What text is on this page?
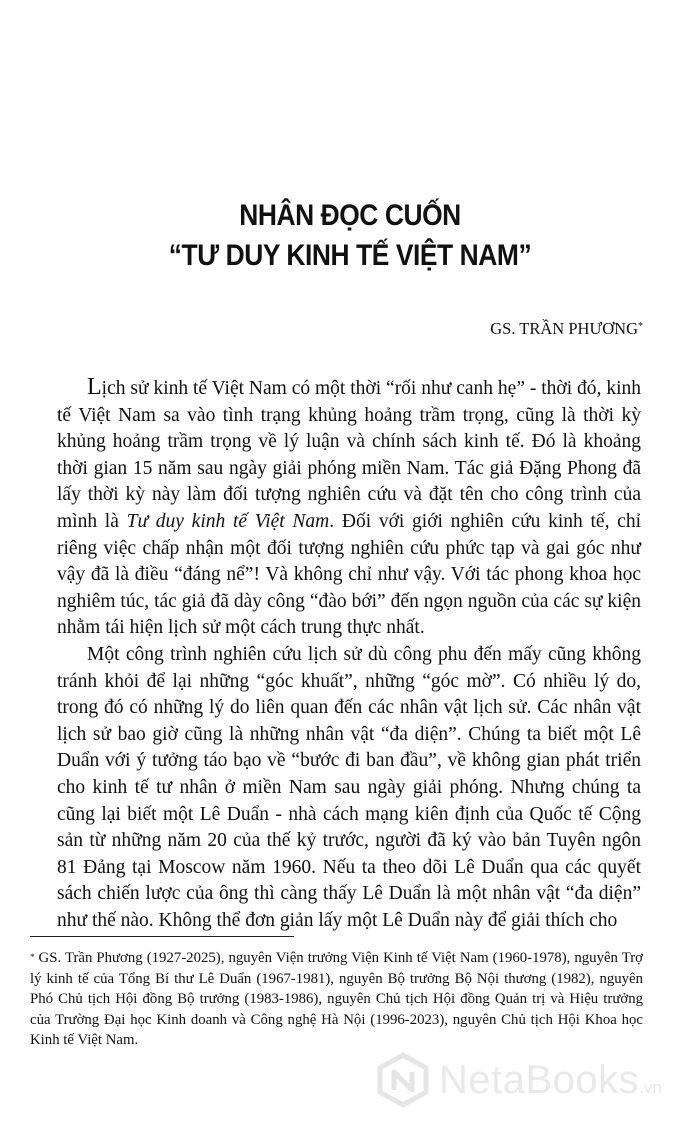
NHÂN ĐỌC CUỐN
“TƯ DUY KINH TẾ VIỆT NAM”
GS. TRẦN PHƯƠNG*

Lịch sử kinh tế Việt Nam có một thời “rối như canh hẹ” - thời đó, kinh tế Việt Nam sa vào tình trạng khủng hoảng trầm trọng, cũng là thời kỳ khủng hoảng trầm trọng về lý luận và chính sách kinh tế. Đó là khoảng thời gian 15 năm sau ngày giải phóng miền Nam. Tác giả Đặng Phong đã lấy thời kỳ này làm đối tượng nghiên cứu và đặt tên cho công trình của mình là Tư duy kinh tế Việt Nam. Đối với giới nghiên cứu kinh tế, chỉ riêng việc chấp nhận một đối tượng nghiên cứu phức tạp và gai góc như vậy đã là điều “đáng nể”! Và không chỉ như vậy. Với tác phong khoa học nghiêm túc, tác giả đã dày công “đào bới” đến ngọn nguồn của các sự kiện nhằm tái hiện lịch sử một cách trung thực nhất.

Một công trình nghiên cứu lịch sử dù công phu đến mấy cũng không tránh khỏi để lại những “góc khuất”, những “góc mờ”. Có nhiều lý do, trong đó có những lý do liên quan đến các nhân vật lịch sử. Các nhân vật lịch sử bao giờ cũng là những nhân vật “đa diện”. Chúng ta biết một Lê Duẩn với ý tưởng táo bạo về “bước đi ban đầu”, về không gian phát triển cho kinh tế tư nhân ở miền Nam sau ngày giải phóng. Nhưng chúng ta cũng lại biết một Lê Duẩn - nhà cách mạng kiên định của Quốc tế Cộng sản từ những năm 20 của thế kỷ trước, người đã ký vào bản Tuyên ngôn 81 Đảng tại Moscow năm 1960. Nếu ta theo dõi Lê Duẩn qua các quyết sách chiến lược của ông thì càng thấy Lê Duẩn là một nhân vật “đa diện” như thế nào. Không thể đơn giản lấy một Lê Duẩn này để giải thích cho

* GS. Trần Phương (1927-2025), nguyên Viện trưởng Viện Kinh tế Việt Nam (1960-1978), nguyên Trợ lý kinh tế của Tổng Bí thư Lê Duẩn (1967-1981), nguyên Bộ trưởng Bộ Nội thương (1982), nguyên Phó Chủ tịch Hội đồng Bộ trưởng (1983-1986), nguyên Chủ tịch Hội đồng Quản trị và Hiệu trưởng của Trường Đại học Kinh doanh và Công nghệ Hà Nội (1996-2023), nguyên Chủ tịch Hội Khoa học Kinh tế Việt Nam.
NetaBooks.vn
